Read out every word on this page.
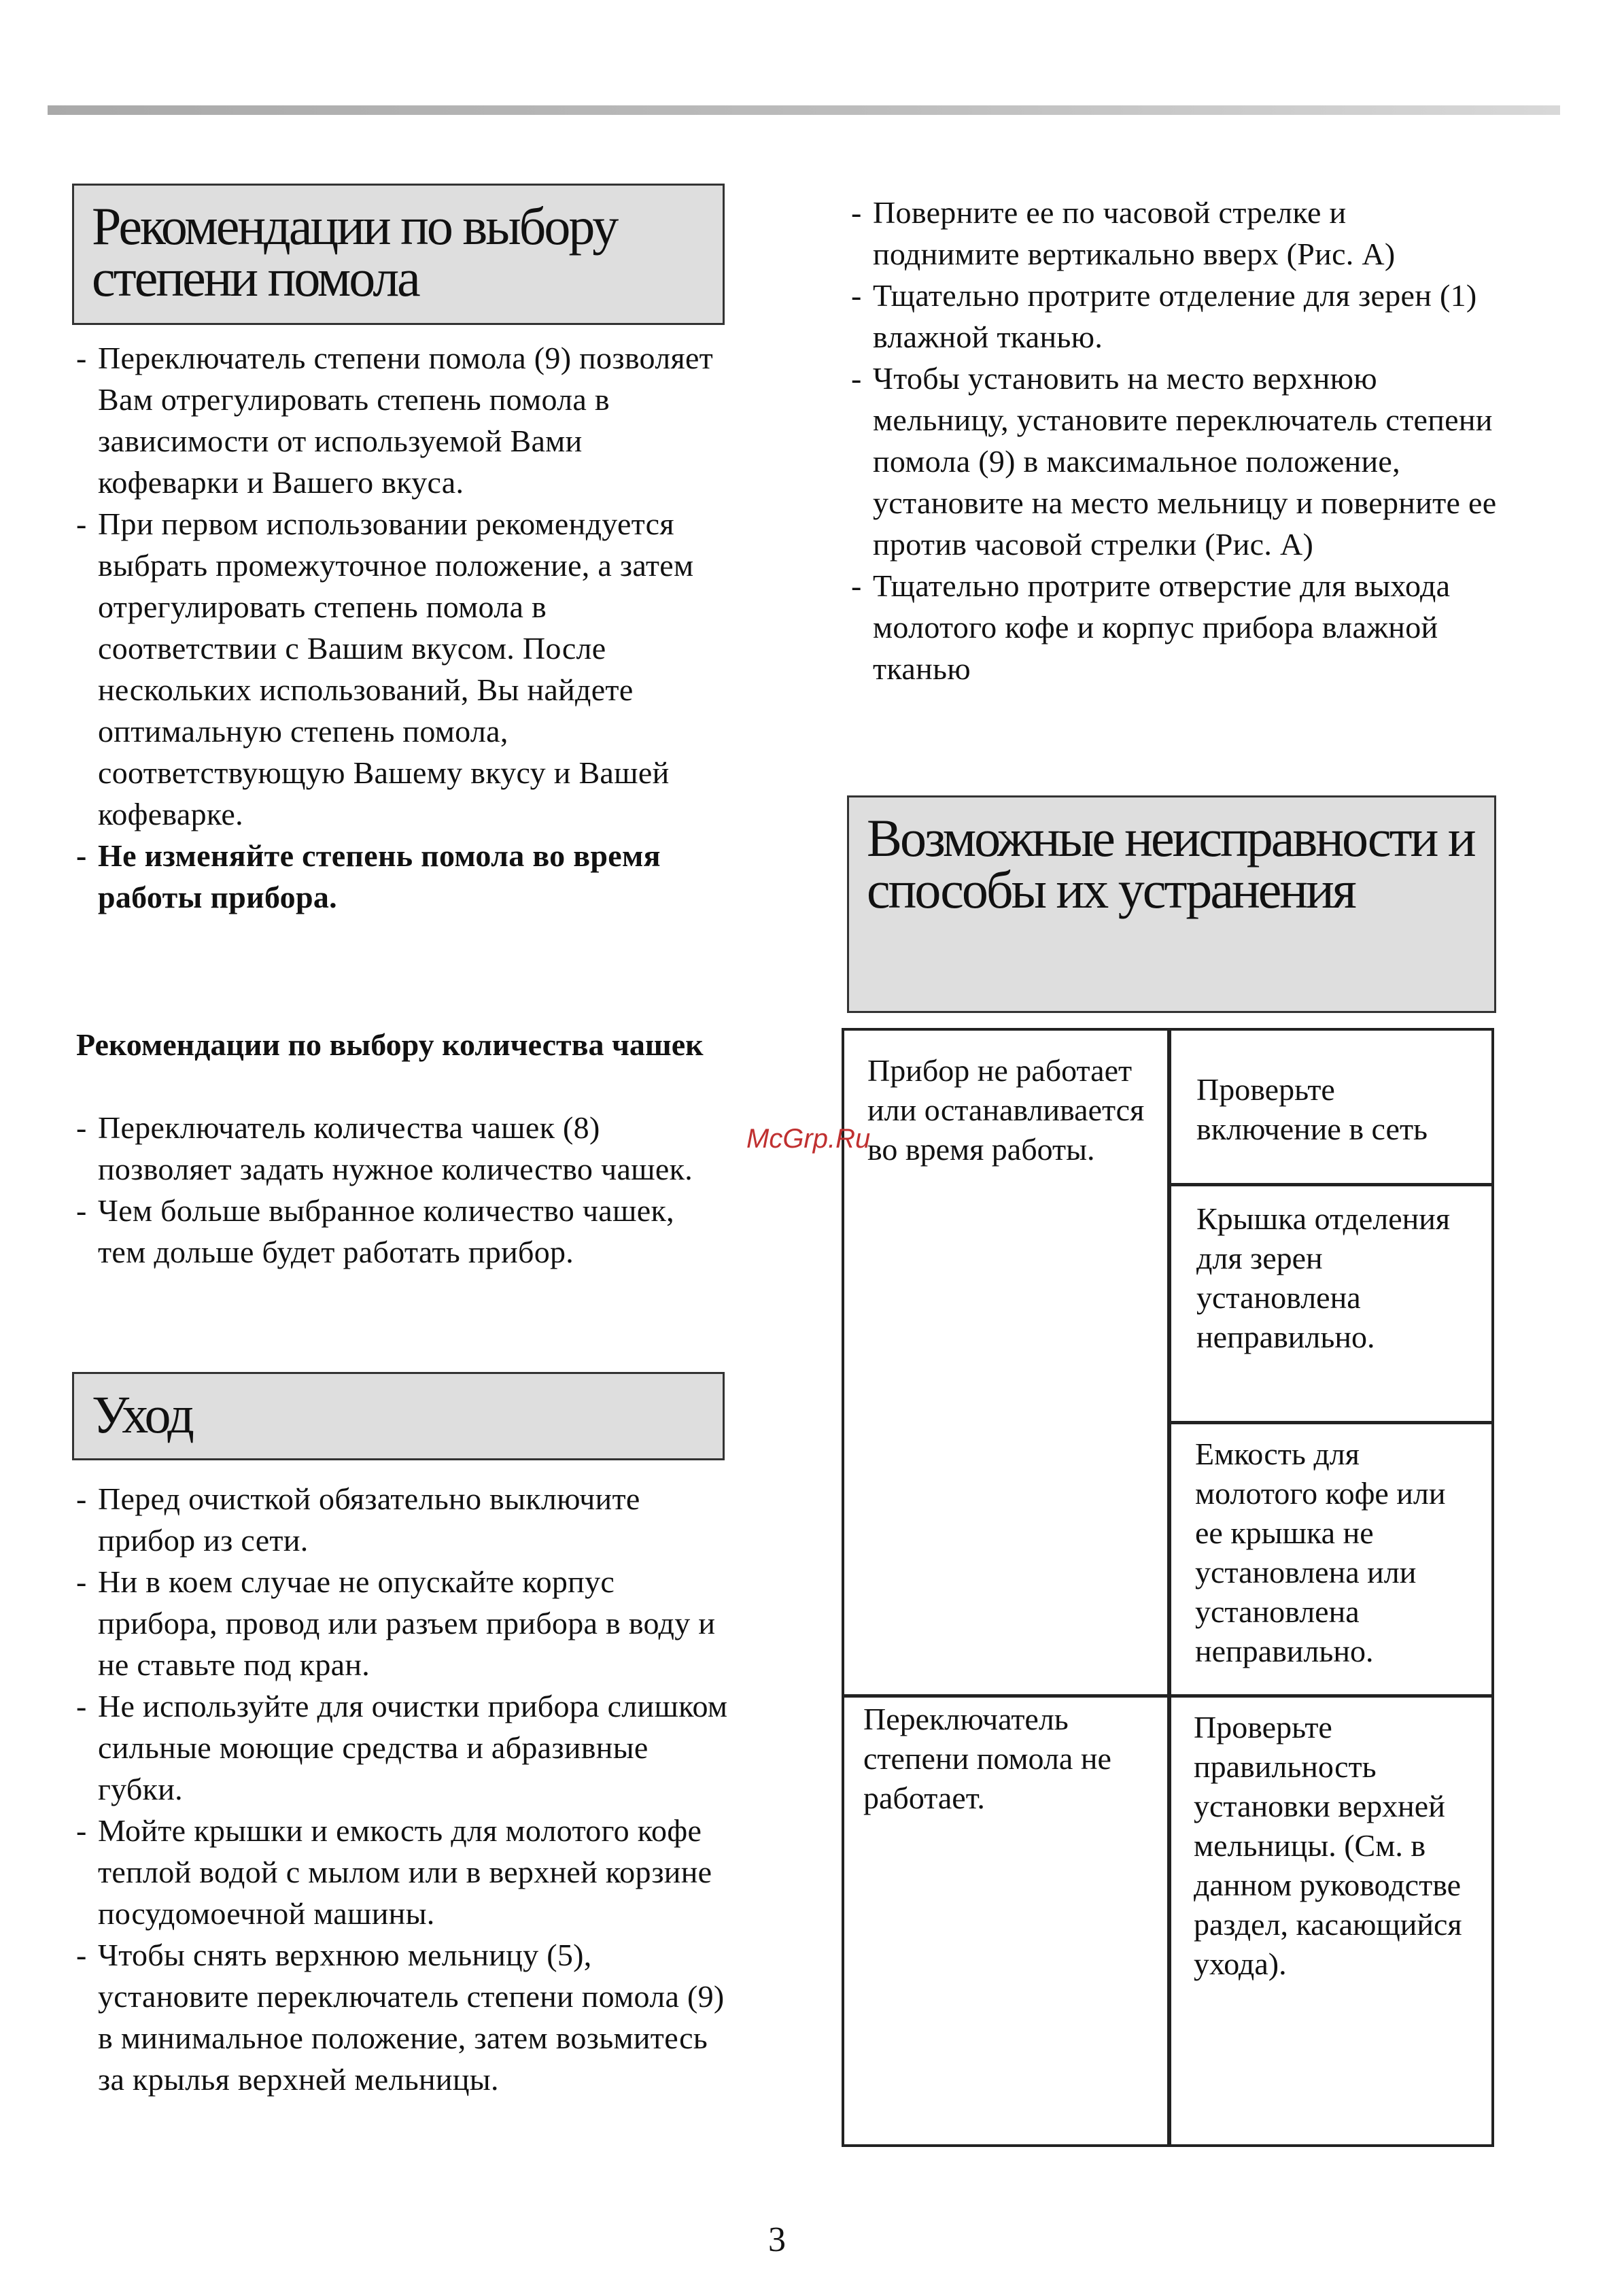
Рекомендации по выбору степени помола
- Переключатель степени помола (9) позволяет Вам отрегулировать степень помола в зависимости от используемой Вами кофеварки и Вашего вкуса.
- При первом использовании рекомендуется выбрать промежуточное положение, а затем отрегулировать степень помола в соответствии с Вашим вкусом. После нескольких использований, Вы найдете оптимальную степень помола, соответствующую Вашему вкусу и Вашей кофеварке.
- Не изменяйте степень помола во время работы прибора.
Рекомендации по выбору количества чашек
- Переключатель количества чашек (8) позволяет задать нужное количество чашек.
- Чем больше выбранное количество чашек, тем дольше будет работать прибор.
Уход
- Перед очисткой обязательно выключите прибор из сети.
- Ни в коем случае не опускайте корпус прибора, провод или разъем прибора в воду и не ставьте под кран.
- Не используйте для очистки прибора слишком сильные моющие средства и абразивные губки.
- Мойте крышки и емкость для молотого кофе теплой водой с мылом или в верхней корзине посудомоечной машины.
- Чтобы снять верхнюю мельницу (5), установите переключатель степени помола (9) в минимальное положение, затем возьмитесь за крылья верхней мельницы.
- Поверните ее по часовой стрелке и поднимите вертикально вверх (Рис. А)
- Тщательно протрите отделение для зерен (1) влажной тканью.
- Чтобы установить на место верхнюю мельницу, установите переключатель степени помола (9) в максимальное положение, установите на место мельницу и поверните ее против часовой стрелки (Рис. А)
- Тщательно протрите отверстие для выхода молотого кофе и корпус прибора влажной тканью
Возможные неисправности и способы их устранения
Прибор не работает или останавливается во время работы.
Проверьте включение в сеть
Крышка отделения для зерен установлена неправильно.
Емкость для молотого кофе или ее крышка не установлена или установлена неправильно.
Переключатель степени помола не работает.
Проверьте правильность установки верхней мельницы. (См. в данном руководстве раздел, касающийся ухода).
McGrp.Ru
3
